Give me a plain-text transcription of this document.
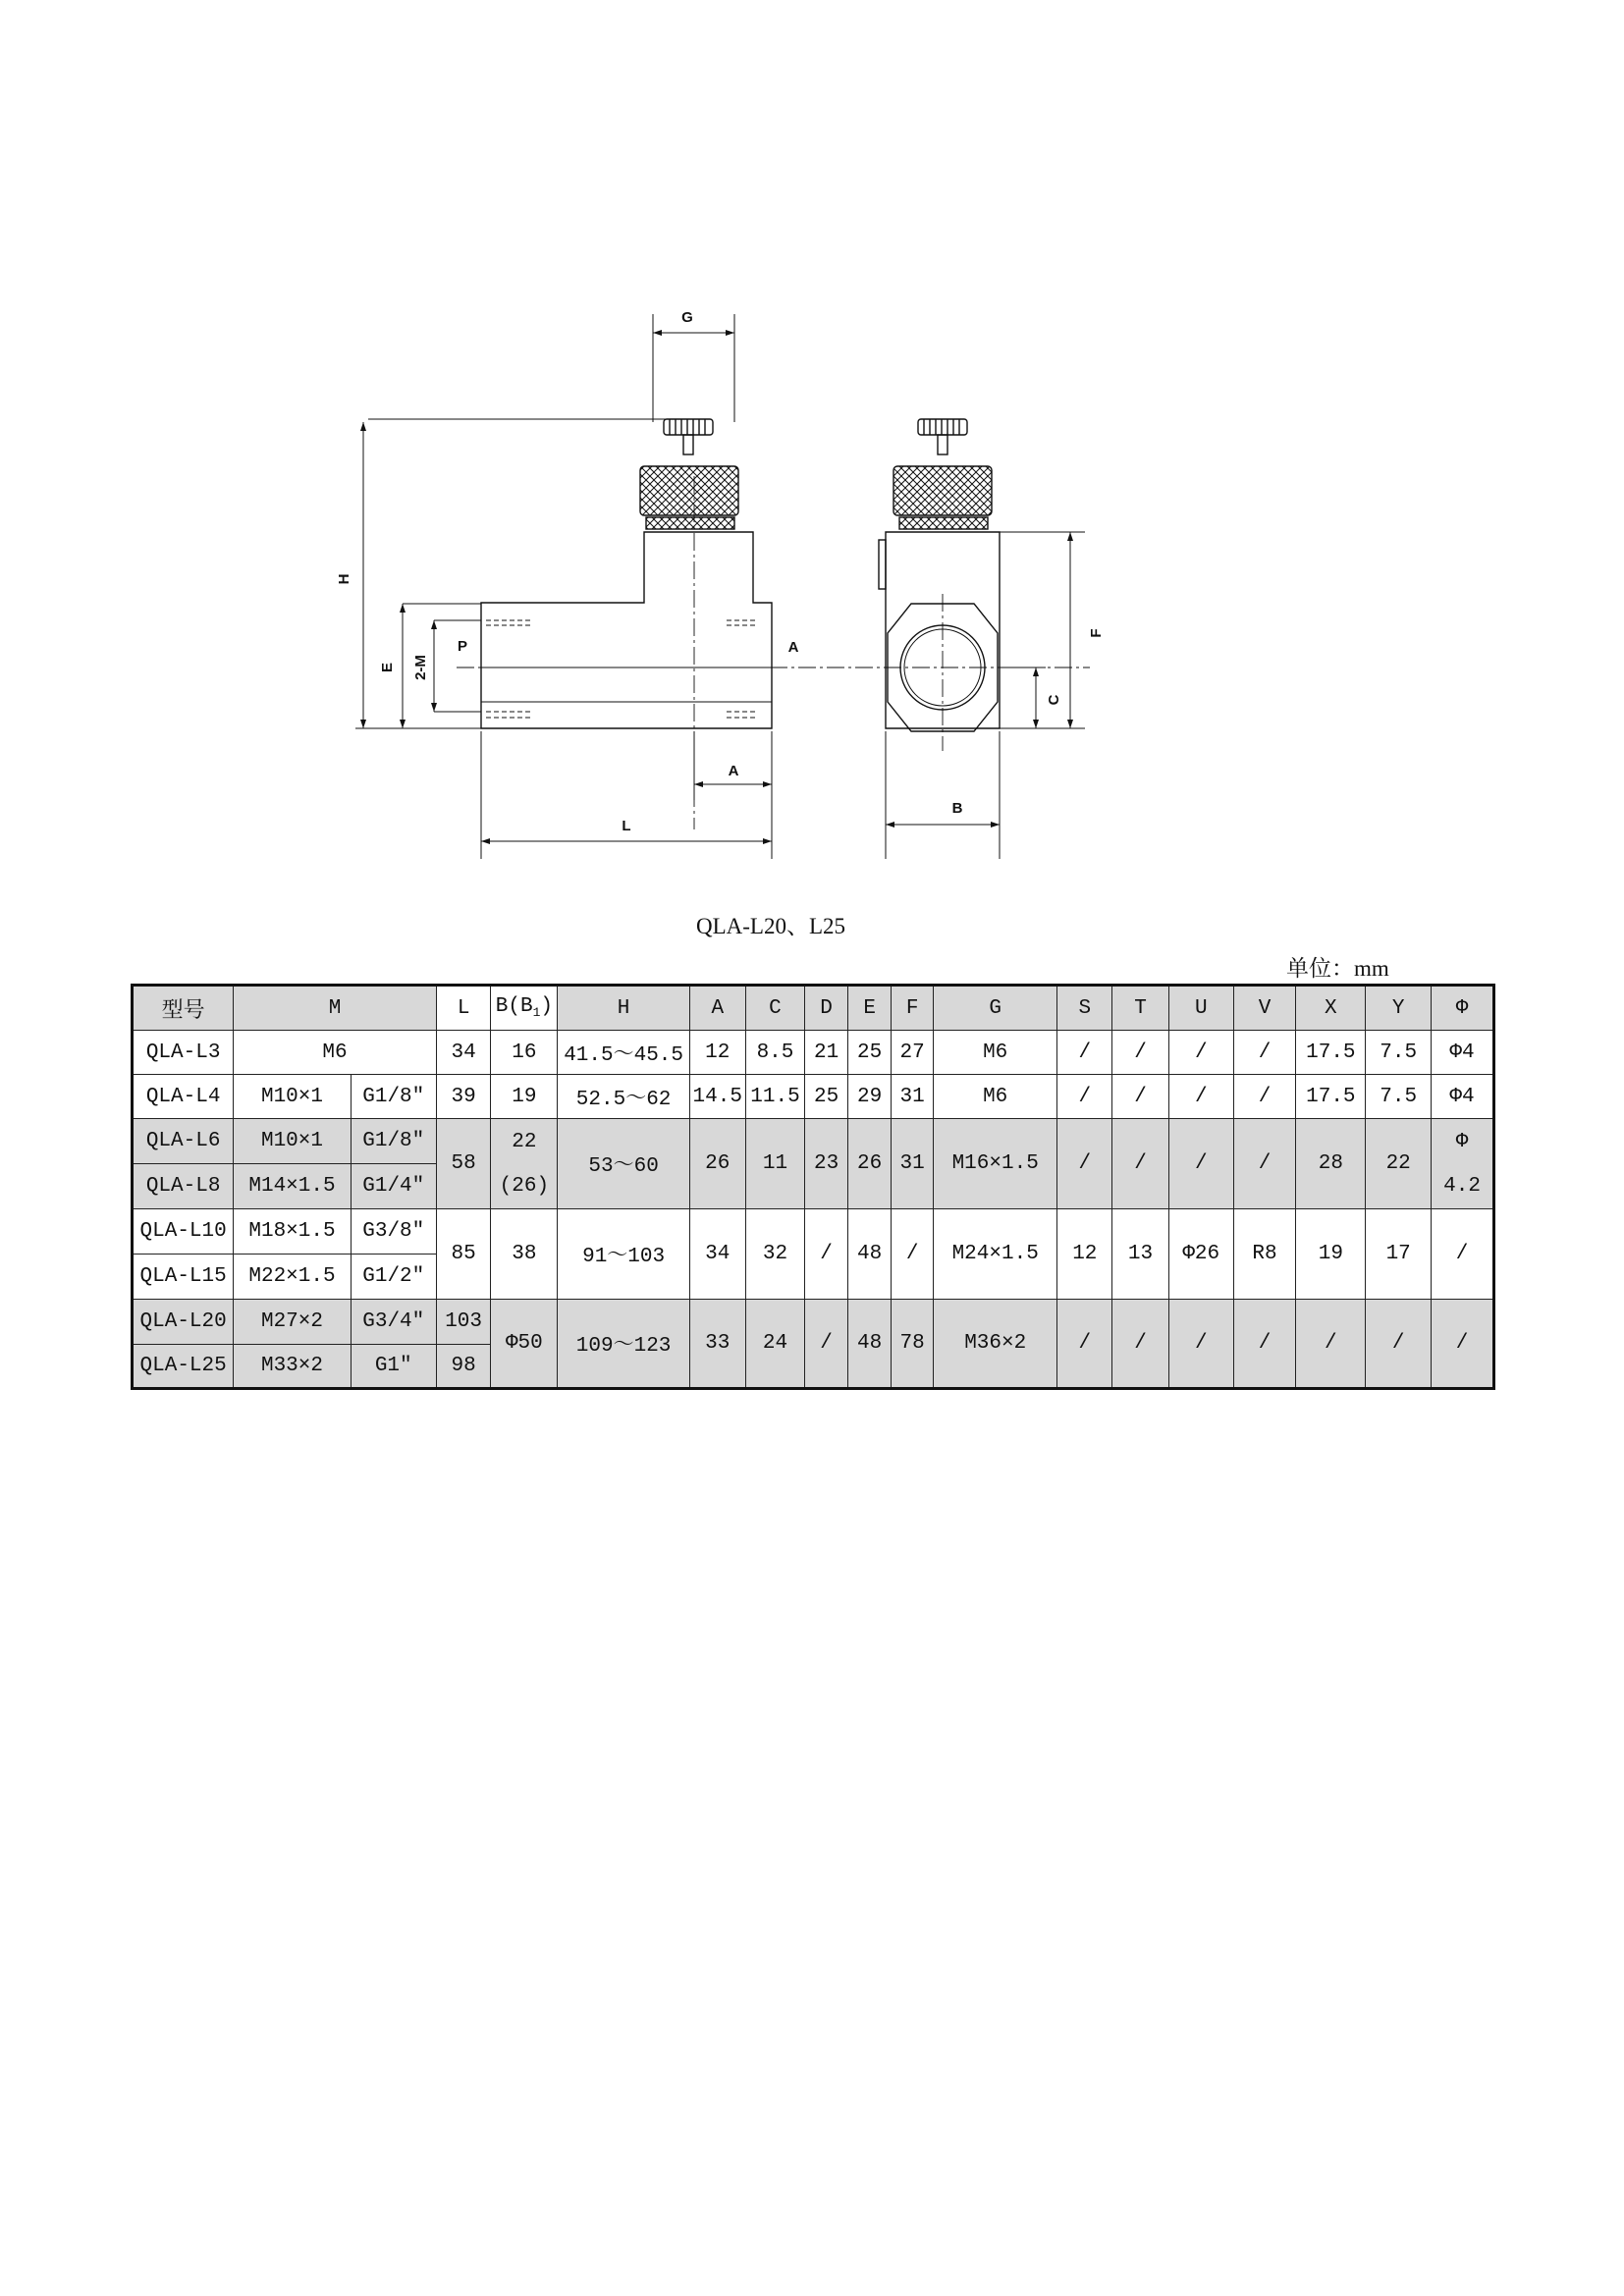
G
H
E 2-M
P	A
A
L
F
C
B
QLA-L20、L25
单位：mm
型号	M		L	$B(B_1)$	H	A	C	D	E	F	G	S	T	U	V	X	Y	Φ
QLA-L3	M6		34	16	41.5～45.5	12	8.5	21	25	27	M6	/	/	/	/	17.5	7.5	Φ4
QLA-L4	M10×1	G1/8"	39	19	52.5～62	14.5	11.5	25	29	31	M6	/	/	/	/	17.5	7.5	Φ4
QLA-L6	M10×1	G1/8"	58	22	53～60	26	11	23	26	31	M16×1.5	/	/	/	/	28	22	Φ
QLA-L8	M14×1.5	G1/4"		(26)														4.2
QLA-L10	M18×1.5	G3/8"	85	38	91～103	34	32	/	48	/	M24×1.5	12	13	Φ26	R8	19	17	/
QLA-L15	M22×1.5	G1/2"																
QLA-L20	M27×2	G3/4"	103	Φ50	109～123	33	24	/	48	78	M36×2	/	/	/	/	/	/	/
QLA-L25	M33×2	G1"	98															
